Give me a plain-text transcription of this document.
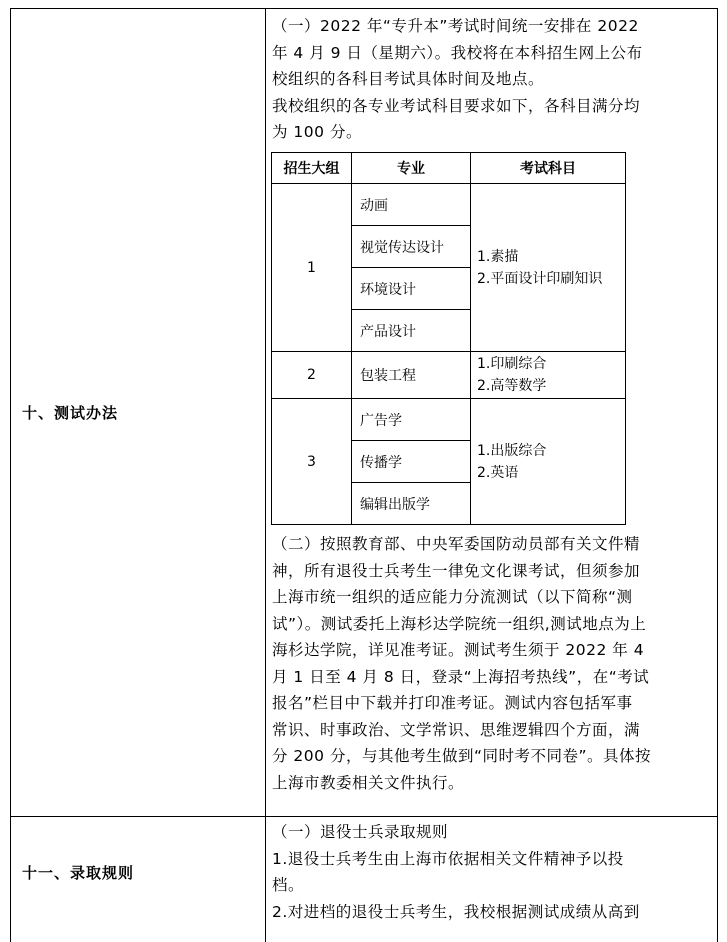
十、测试办法
（一）2022 年“专升本”考试时间统一安排在 2022
年 4 月 9 日（星期六）。我校将在本科招生网上公布
校组织的各科目考试具体时间及地点。
我校组织的各专业考试科目要求如下，各科目满分均
为 100 分。
招生大组	专业	考试科目
1	动画	1.素描
2.平面设计印刷知识

	视觉传达设计	
	环境设计	
	产品设计	
2	包装工程	1.印刷综合
2.高等数学

3	广告学	1.出版综合
2.英语

	传播学	
	编辑出版学	
（二）按照教育部、中央军委国防动员部有关文件精
神，所有退役士兵考生一律免文化课考试，但须参加
上海市统一组织的适应能力分流测试（以下简称“测
试”）。测试委托上海杉达学院统一组织,测试地点为上
海杉达学院，详见准考证。测试考生须于 2022 年 4
月 1 日至 4 月 8 日，登录“上海招考热线”，在“考试
报名”栏目中下载并打印准考证。测试内容包括军事
常识、时事政治、文学常识、思维逻辑四个方面，满
分 200 分，与其他考生做到“同时考不同卷”。具体按
上海市教委相关文件执行。
十一、录取规则
（一）退役士兵录取规则
1.退役士兵考生由上海市依据相关文件精神予以投
档。
2.对进档的退役士兵考生，我校根据测试成绩从高到
